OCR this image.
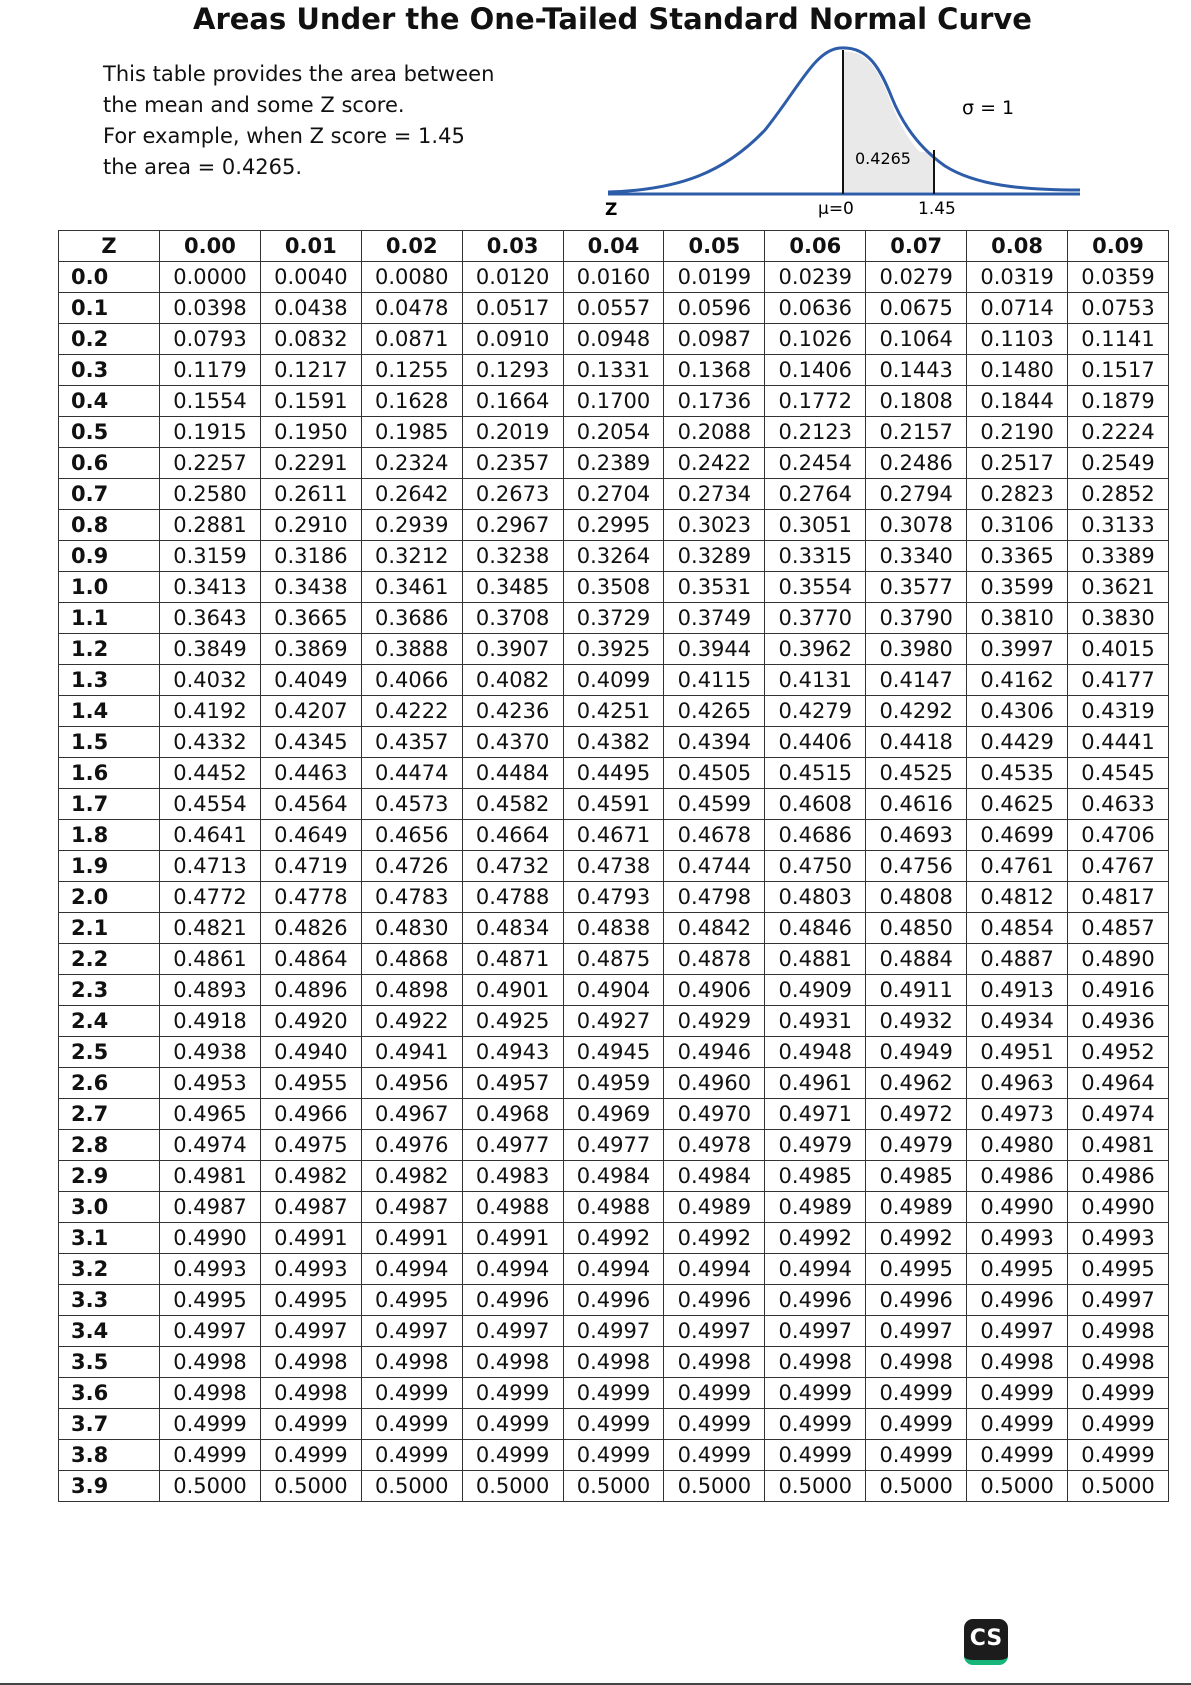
Areas Under the One-Tailed Standard Normal Curve

This table provides the area between

the mean and some Z score.

For example, when Z score = 1.45

the area = 0.4265.

σ = 1
0.4265
Z	μ=0	1.45
Z	0.00	0.01	0.02	0.03	0.04	0.05	0.06	0.07	0.08	0.09
0.0	0.0000	0.0040	0.0080	0.0120	0.0160	0.0199	0.0239	0.0279	0.0319	0.0359
0.1	0.0398	0.0438	0.0478	0.0517	0.0557	0.0596	0.0636	0.0675	0.0714	0.0753
0.2	0.0793	0.0832	0.0871	0.0910	0.0948	0.0987	0.1026	0.1064	0.1103	0.1141
0.3	0.1179	0.1217	0.1255	0.1293	0.1331	0.1368	0.1406	0.1443	0.1480	0.1517
0.4	0.1554	0.1591	0.1628	0.1664	0.1700	0.1736	0.1772	0.1808	0.1844	0.1879
0.5	0.1915	0.1950	0.1985	0.2019	0.2054	0.2088	0.2123	0.2157	0.2190	0.2224
0.6	0.2257	0.2291	0.2324	0.2357	0.2389	0.2422	0.2454	0.2486	0.2517	0.2549
0.7	0.2580	0.2611	0.2642	0.2673	0.2704	0.2734	0.2764	0.2794	0.2823	0.2852
0.8	0.2881	0.2910	0.2939	0.2967	0.2995	0.3023	0.3051	0.3078	0.3106	0.3133
0.9	0.3159	0.3186	0.3212	0.3238	0.3264	0.3289	0.3315	0.3340	0.3365	0.3389
1.0	0.3413	0.3438	0.3461	0.3485	0.3508	0.3531	0.3554	0.3577	0.3599	0.3621
1.1	0.3643	0.3665	0.3686	0.3708	0.3729	0.3749	0.3770	0.3790	0.3810	0.3830
1.2	0.3849	0.3869	0.3888	0.3907	0.3925	0.3944	0.3962	0.3980	0.3997	0.4015
1.3	0.4032	0.4049	0.4066	0.4082	0.4099	0.4115	0.4131	0.4147	0.4162	0.4177
1.4	0.4192	0.4207	0.4222	0.4236	0.4251	0.4265	0.4279	0.4292	0.4306	0.4319
1.5	0.4332	0.4345	0.4357	0.4370	0.4382	0.4394	0.4406	0.4418	0.4429	0.4441
1.6	0.4452	0.4463	0.4474	0.4484	0.4495	0.4505	0.4515	0.4525	0.4535	0.4545
1.7	0.4554	0.4564	0.4573	0.4582	0.4591	0.4599	0.4608	0.4616	0.4625	0.4633
1.8	0.4641	0.4649	0.4656	0.4664	0.4671	0.4678	0.4686	0.4693	0.4699	0.4706
1.9	0.4713	0.4719	0.4726	0.4732	0.4738	0.4744	0.4750	0.4756	0.4761	0.4767
2.0	0.4772	0.4778	0.4783	0.4788	0.4793	0.4798	0.4803	0.4808	0.4812	0.4817
2.1	0.4821	0.4826	0.4830	0.4834	0.4838	0.4842	0.4846	0.4850	0.4854	0.4857
2.2	0.4861	0.4864	0.4868	0.4871	0.4875	0.4878	0.4881	0.4884	0.4887	0.4890
2.3	0.4893	0.4896	0.4898	0.4901	0.4904	0.4906	0.4909	0.4911	0.4913	0.4916
2.4	0.4918	0.4920	0.4922	0.4925	0.4927	0.4929	0.4931	0.4932	0.4934	0.4936
2.5	0.4938	0.4940	0.4941	0.4943	0.4945	0.4946	0.4948	0.4949	0.4951	0.4952
2.6	0.4953	0.4955	0.4956	0.4957	0.4959	0.4960	0.4961	0.4962	0.4963	0.4964
2.7	0.4965	0.4966	0.4967	0.4968	0.4969	0.4970	0.4971	0.4972	0.4973	0.4974
2.8	0.4974	0.4975	0.4976	0.4977	0.4977	0.4978	0.4979	0.4979	0.4980	0.4981
2.9	0.4981	0.4982	0.4982	0.4983	0.4984	0.4984	0.4985	0.4985	0.4986	0.4986
3.0	0.4987	0.4987	0.4987	0.4988	0.4988	0.4989	0.4989	0.4989	0.4990	0.4990
3.1	0.4990	0.4991	0.4991	0.4991	0.4992	0.4992	0.4992	0.4992	0.4993	0.4993
3.2	0.4993	0.4993	0.4994	0.4994	0.4994	0.4994	0.4994	0.4995	0.4995	0.4995
3.3	0.4995	0.4995	0.4995	0.4996	0.4996	0.4996	0.4996	0.4996	0.4996	0.4997
3.4	0.4997	0.4997	0.4997	0.4997	0.4997	0.4997	0.4997	0.4997	0.4997	0.4998
3.5	0.4998	0.4998	0.4998	0.4998	0.4998	0.4998	0.4998	0.4998	0.4998	0.4998
3.6	0.4998	0.4998	0.4999	0.4999	0.4999	0.4999	0.4999	0.4999	0.4999	0.4999
3.7	0.4999	0.4999	0.4999	0.4999	0.4999	0.4999	0.4999	0.4999	0.4999	0.4999
3.8	0.4999	0.4999	0.4999	0.4999	0.4999	0.4999	0.4999	0.4999	0.4999	0.4999
3.9	0.5000	0.5000	0.5000	0.5000	0.5000	0.5000	0.5000	0.5000	0.5000	0.5000
CS
